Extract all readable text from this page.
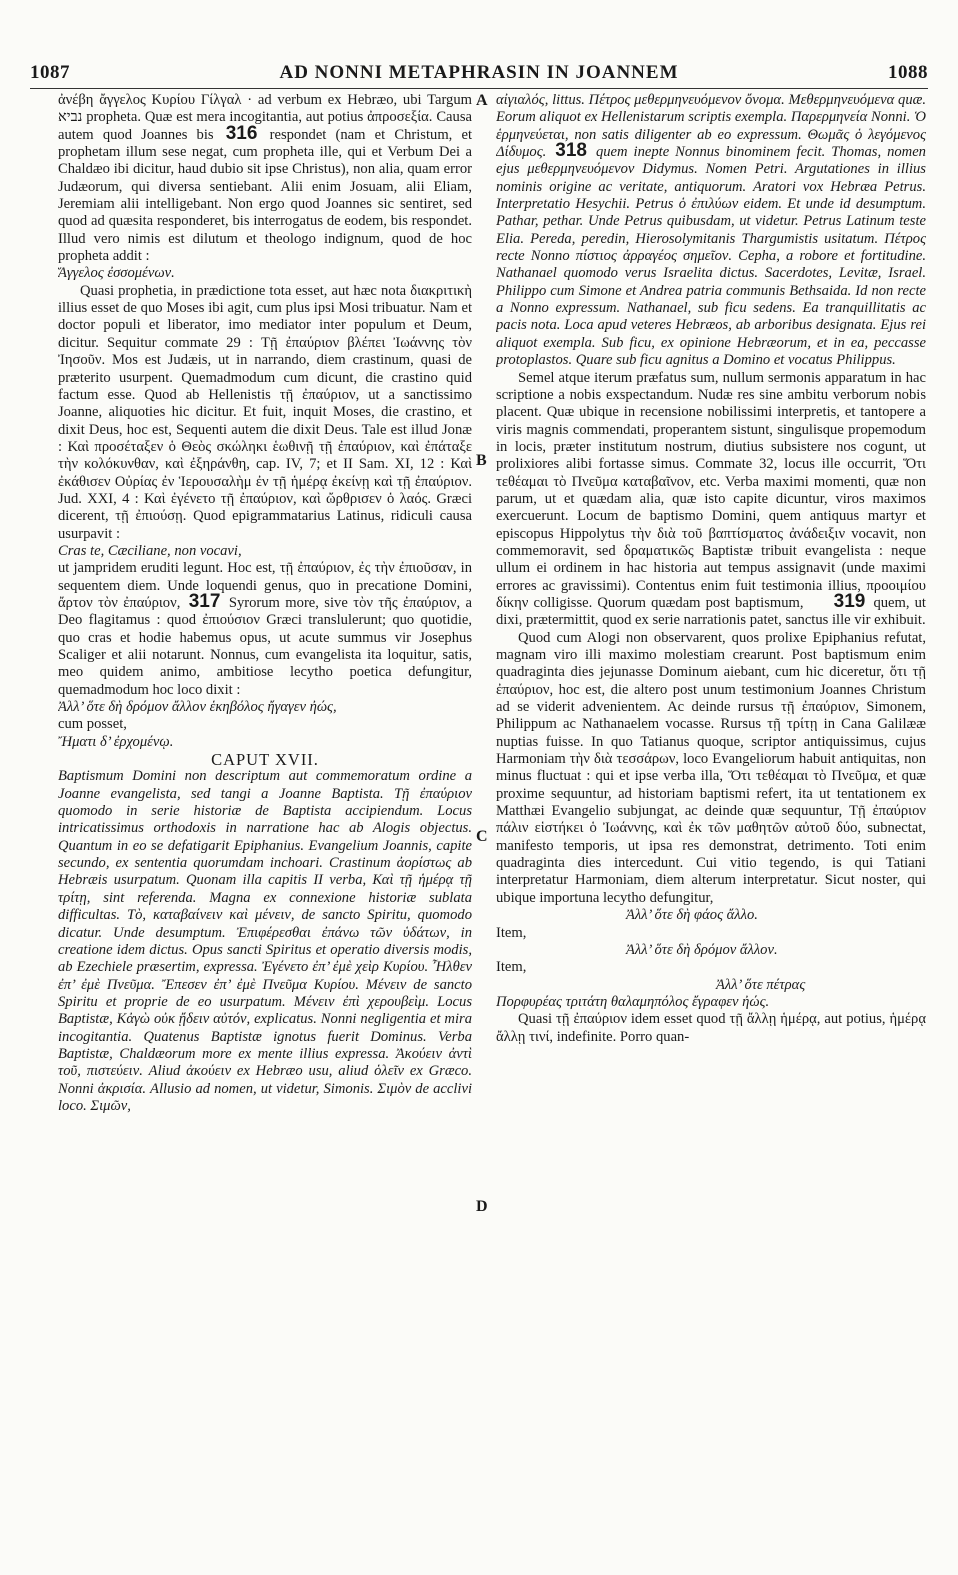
1087	AD NONNI METAPHRASIN IN JOANNEM	1088
A
B
C
D

ἀνέβη ἄγγελος Κυρίου Γίλγαλ · ad verbum ex Hebræo, ubi Targum נביא propheta. Quæ est mera incogitantia, aut potius ἀπροσεξία. Causa autem quod Joannes bis 316 respondet (nam et Christum, et prophetam illum sese negat, cum propheta ille, qui et Verbum Dei a Chaldæo ibi dicitur, haud dubio sit ipse Christus), non alia, quam error Judæorum, qui diversa sentiebant. Alii enim Josuam, alii Eliam, Jeremiam alii intelligebant. Non ergo quod Joannes sic sentiret, sed quod ad quæsita responderet, bis interrogatus de eodem, bis respondet. Illud vero nimis est dilutum et theologo indignum, quod de hoc propheta addit :

Ἄγγελος ἐσσομένων.

Quasi prophetia, in prædictione tota esset, aut hæc nota διακριτικὴ illius esset de quo Moses ibi agit, cum plus ipsi Mosi tribuatur. Nam et doctor populi et liberator, imo mediator inter populum et Deum, dicitur. Sequitur commate 29 : Τῇ ἐπαύριον βλέπει Ἰωάννης τὸν Ἰησοῦν. Mos est Judæis, ut in narrando, diem crastinum, quasi de præterito usurpent. Quemadmodum cum dicunt, die crastino quid factum esse. Quod ab Hellenistis τῇ ἐπαύριον, ut a sanctissimo Joanne, aliquoties hic dicitur. Et fuit, inquit Moses, die crastino, et dixit Deus, hoc est, Sequenti autem die dixit Deus. Tale est illud Jonæ : Καὶ προσέταξεν ὁ Θεὸς σκώληκι ἑωθινῇ τῇ ἐπαύριον, καὶ ἐπάταξε τὴν κολόκυνθαν, καὶ ἐξηράνθη, cap. IV, 7; et II Sam. XI, 12 : Καὶ ἐκάθισεν Οὐρίας ἐν Ἱερουσαλὴμ ἐν τῇ ἡμέρᾳ ἐκείνῃ καὶ τῇ ἐπαύριον. Jud. XXI, 4 : Καὶ ἐγένετο τῇ ἐπαύριον, καὶ ὤρθρισεν ὁ λαός. Græci dicerent, τῇ ἐπιούσῃ. Quod epigrammatarius Latinus, ridiculi causa usurpavit :

Cras te, Cæciliane, non vocavi,

ut jampridem eruditi legunt. Hoc est, τῇ ἐπαύριον, ἐς τὴν ἐπιοῦσαν, in sequentem diem. Unde loquendi genus, quo in precatione Domini, ἄρτον τὸν ἐπαύριον, 317 Syrorum more, sive τὸν τῆς ἐπαύριον, a Deo flagitamus : quod ἐπιούσιον Græci translulerunt; quo quotidie, quo cras et hodie habemus opus, ut acute summus vir Josephus Scaliger et alii notarunt. Nonnus, cum evangelista ita loquitur, satis, meo quidem animo, ambitiose lecytho poetica defungitur, quemadmodum hoc loco dixit :

Ἀλλ’ ὅτε δὴ δρόμον ἄλλον ἑκηβόλος ἤγαγεν ἠώς,

cum posset,

Ἤματι δ’ ἐρχομένῳ.

CAPUT XVII.

Baptismum Domini non descriptum aut commemoratum ordine a Joanne evangelista, sed tangi a Joanne Baptista. Τῇ ἐπαύριον quomodo in serie historiæ de Baptista accipiendum. Locus intricatissimus orthodoxis in narratione hac ab Alogis objectus. Quantum in eo se defatigarit Epiphanius. Evangelium Joannis, capite secundo, ex sententia quorumdam inchoari. Crastinum ἀορίστως ab Hebræis usurpatum. Quonam illa capitis II verba, Καὶ τῇ ἡμέρᾳ τῇ τρίτῃ, sint referenda. Magna ex connexione historiæ sublata difficultas. Τὸ, καταβαίνειν καὶ μένειν, de sancto Spiritu, quomodo dicatur. Unde desumptum. Ἐπιφέρεσθαι ἐπάνω τῶν ὑδάτων, in creatione idem dictus. Opus sancti Spiritus et operatio diversis modis, ab Ezechiele præsertim, expressa. Ἐγένετο ἐπ’ ἐμὲ χεὶρ Κυρίου. Ἦλθεν ἐπ’ ἐμὲ Πνεῦμα. Ἔπεσεν ἐπ’ ἐμὲ Πνεῦμα Κυρίου. Μένειν de sancto Spiritu et proprie de eo usurpatum. Μένειν ἐπὶ χερουβεὶμ. Locus Baptistæ, Κἀγὼ οὐκ ᾔδειν αὐτόν, explicatus. Nonni negligentia et mira incogitantia. Quatenus Baptistæ ignotus fuerit Dominus. Verba Baptistæ, Chaldæorum more ex mente illius expressa. Ἀκούειν ἀντὶ τοῦ, πιστεύειν. Aliud ἀκούειν ex Hebræo usu, aliud ὁλεῖν ex Græco. Nonni ἀκρισία. Allusio ad nomen, ut videtur, Simonis. Σιμὸν de acclivi loco. Σιμῶν,

αἰγιαλός, littus. Πέτρος μεθερμηνευόμενον ὄνομα. Μεθερμηνευόμενα quæ. Eorum aliquot ex Hellenistarum scriptis exempla. Παρερμηνεία Nonni. Ὁ ἑρμηνεύεται, non satis diligenter ab eo expressum. Θωμᾶς ὁ λεγόμενος Δίδυμος. 318 quem inepte Nonnus binominem fecit. Thomas, nomen ejus μεθερμηνευόμενον Didymus. Nomen Petri. Argutationes in illius nominis origine ac veritate, antiquorum. Aratori vox Hebræa Petrus. Interpretatio Hesychii. Petrus ὁ ἐπιλύων eidem. Et unde id desumptum. Pathar, pethar. Unde Petrus quibusdam, ut videtur. Petrus Latinum teste Elia. Pereda, peredin, Hierosolymitanis Thargumistis usitatum. Πέτρος recte Nonno πίστιος ἀρραγέος σημεῖον. Cepha, a robore et fortitudine. Nathanael quomodo verus Israelita dictus. Sacerdotes, Levitæ, Israel. Philippo cum Simone et Andrea patria communis Bethsaida. Id non recte a Nonno expressum. Nathanael, sub ficu sedens. Ea tranquillitatis ac pacis nota. Loca apud veteres Hebræos, ab arboribus designata. Ejus rei aliquot exempla. Sub ficu, ex opinione Hebræorum, et in ea, peccasse protoplastos. Quare sub ficu agnitus a Domino et vocatus Philippus.

Semel atque iterum præfatus sum, nullum sermonis apparatum in hac scriptione a nobis exspectandum. Nudæ res sine ambitu verborum nobis placent. Quæ ubique in recensione nobilissimi interpretis, et tantopere a viris magnis commendati, properantem sistunt, singulisque propemodum in locis, præter institutum nostrum, diutius subsistere nos cogunt, ut prolixiores alibi fortasse simus. Commate 32, locus ille occurrit, Ὅτι τεθέαμαι τὸ Πνεῦμα καταβαῖνον, etc. Verba maximi momenti, quæ non parum, ut et quædam alia, quæ isto capite dicuntur, viros maximos exercuerunt. Locum de baptismo Domini, quem antiquus martyr et episcopus Hippolytus τὴν διὰ τοῦ βαπτίσματος ἀνάδειξιν vocavit, non commemoravit, sed δραματικῶς Baptistæ tribuit evangelista : neque ullum ei ordinem in hac historia aut tempus assignavit (unde maximi errores ac gravissimi). Contentus enim fuit testimonia illius, προοιμίου δίκην colligisse. Quorum quædam post baptismum, 319 quem, ut dixi, prætermittit, quod ex serie narrationis patet, sanctus ille vir exhibuit.

Quod cum Alogi non observarent, quos prolixe Epiphanius refutat, magnam viro illi maximo molestiam crearunt. Post baptismum enim quadraginta dies jejunasse Dominum aiebant, cum hic diceretur, ὅτι τῇ ἐπαύριον, hoc est, die altero post unum testimonium Joannes Christum ad se viderit advenientem. Ac deinde rursus τῇ ἐπαύριον, Simonem, Philippum ac Nathanaelem vocasse. Rursus τῇ τρίτῃ in Cana Galilææ nuptias fuisse. In quo Tatianus quoque, scriptor antiquissimus, cujus Harmoniam τὴν διὰ τεσσάρων, loco Evangeliorum habuit antiquitas, non minus fluctuat : qui et ipse verba illa, Ὅτι τεθέαμαι τὸ Πνεῦμα, et quæ proxime sequuntur, ad historiam baptismi refert, ita ut tentationem ex Matthæi Evangelio subjungat, ac deinde quæ sequuntur, Τῇ ἐπαύριον πάλιν εἱστήκει ὁ Ἰωάννης, καὶ ἐκ τῶν μαθητῶν αὐτοῦ δύο, subnectat, manifesto temporis, ut ipsa res demonstrat, detrimento. Toti enim quadraginta dies intercedunt. Cui vitio tegendo, is qui Tatiani interpretatur Harmoniam, diem alterum interpretatur. Sicut noster, qui ubique importuna lecytho defungitur,

Ἀλλ’ ὅτε δὴ φάος ἄλλο.

Item,

Ἀλλ’ ὅτε δὴ δρόμον ἄλλον.

Item,

Ἀλλ’ ὅτε πέτρας

Πορφυρέας τριτάτη θαλαμηπόλος ἔγραφεν ἠώς.

Quasi τῇ ἐπαύριον idem esset quod τῇ ἄλλῃ ἡμέρᾳ, aut potius, ἡμέρᾳ ἄλλῃ τινί, indefinite. Porro quan-
